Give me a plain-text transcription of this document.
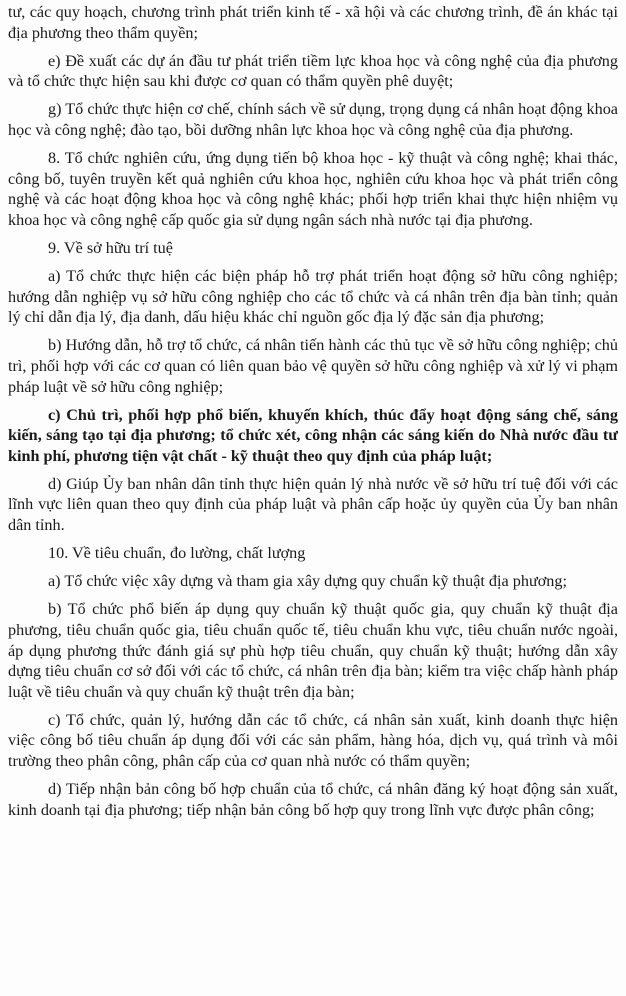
tư, các quy hoạch, chương trình phát triển kinh tế - xã hội và các chương trình, đề án khác tại địa phương theo thẩm quyền;

e) Đề xuất các dự án đầu tư phát triển tiềm lực khoa học và công nghệ của địa phương và tổ chức thực hiện sau khi được cơ quan có thẩm quyền phê duyệt;

g) Tổ chức thực hiện cơ chế, chính sách về sử dụng, trọng dụng cá nhân hoạt động khoa học và công nghệ; đào tạo, bồi dưỡng nhân lực khoa học và công nghệ của địa phương.

8. Tổ chức nghiên cứu, ứng dụng tiến bộ khoa học - kỹ thuật và công nghệ; khai thác, công bố, tuyên truyền kết quả nghiên cứu khoa học, nghiên cứu khoa học và phát triển công nghệ và các hoạt động khoa học và công nghệ khác; phối hợp triển khai thực hiện nhiệm vụ khoa học và công nghệ cấp quốc gia sử dụng ngân sách nhà nước tại địa phương.

9. Về sở hữu trí tuệ

a) Tổ chức thực hiện các biện pháp hỗ trợ phát triển hoạt động sở hữu công nghiệp; hướng dẫn nghiệp vụ sở hữu công nghiệp cho các tổ chức và cá nhân trên địa bàn tỉnh; quản lý chỉ dẫn địa lý, địa danh, dấu hiệu khác chỉ nguồn gốc địa lý đặc sản địa phương;

b) Hướng dẫn, hỗ trợ tổ chức, cá nhân tiến hành các thủ tục về sở hữu công nghiệp; chủ trì, phối hợp với các cơ quan có liên quan bảo vệ quyền sở hữu công nghiệp và xử lý vi phạm pháp luật về sở hữu công nghiệp;

c) Chủ trì, phối hợp phổ biến, khuyến khích, thúc đẩy hoạt động sáng chế, sáng kiến, sáng tạo tại địa phương; tổ chức xét, công nhận các sáng kiến do Nhà nước đầu tư kinh phí, phương tiện vật chất - kỹ thuật theo quy định của pháp luật;

d) Giúp Ủy ban nhân dân tỉnh thực hiện quản lý nhà nước về sở hữu trí tuệ đối với các lĩnh vực liên quan theo quy định của pháp luật và phân cấp hoặc ủy quyền của Ủy ban nhân dân tỉnh.

10. Về tiêu chuẩn, đo lường, chất lượng

a) Tổ chức việc xây dựng và tham gia xây dựng quy chuẩn kỹ thuật địa phương;

b) Tổ chức phổ biến áp dụng quy chuẩn kỹ thuật quốc gia, quy chuẩn kỹ thuật địa phương, tiêu chuẩn quốc gia, tiêu chuẩn quốc tế, tiêu chuẩn khu vực, tiêu chuẩn nước ngoài, áp dụng phương thức đánh giá sự phù hợp tiêu chuẩn, quy chuẩn kỹ thuật; hướng dẫn xây dựng tiêu chuẩn cơ sở đối với các tổ chức, cá nhân trên địa bàn; kiểm tra việc chấp hành pháp luật về tiêu chuẩn và quy chuẩn kỹ thuật trên địa bàn;

c) Tổ chức, quản lý, hướng dẫn các tổ chức, cá nhân sản xuất, kinh doanh thực hiện việc công bố tiêu chuẩn áp dụng đối với các sản phẩm, hàng hóa, dịch vụ, quá trình và môi trường theo phân công, phân cấp của cơ quan nhà nước có thẩm quyền;

d) Tiếp nhận bản công bố hợp chuẩn của tổ chức, cá nhân đăng ký hoạt động sản xuất, kinh doanh tại địa phương; tiếp nhận bản công bố hợp quy trong lĩnh vực được phân công;
